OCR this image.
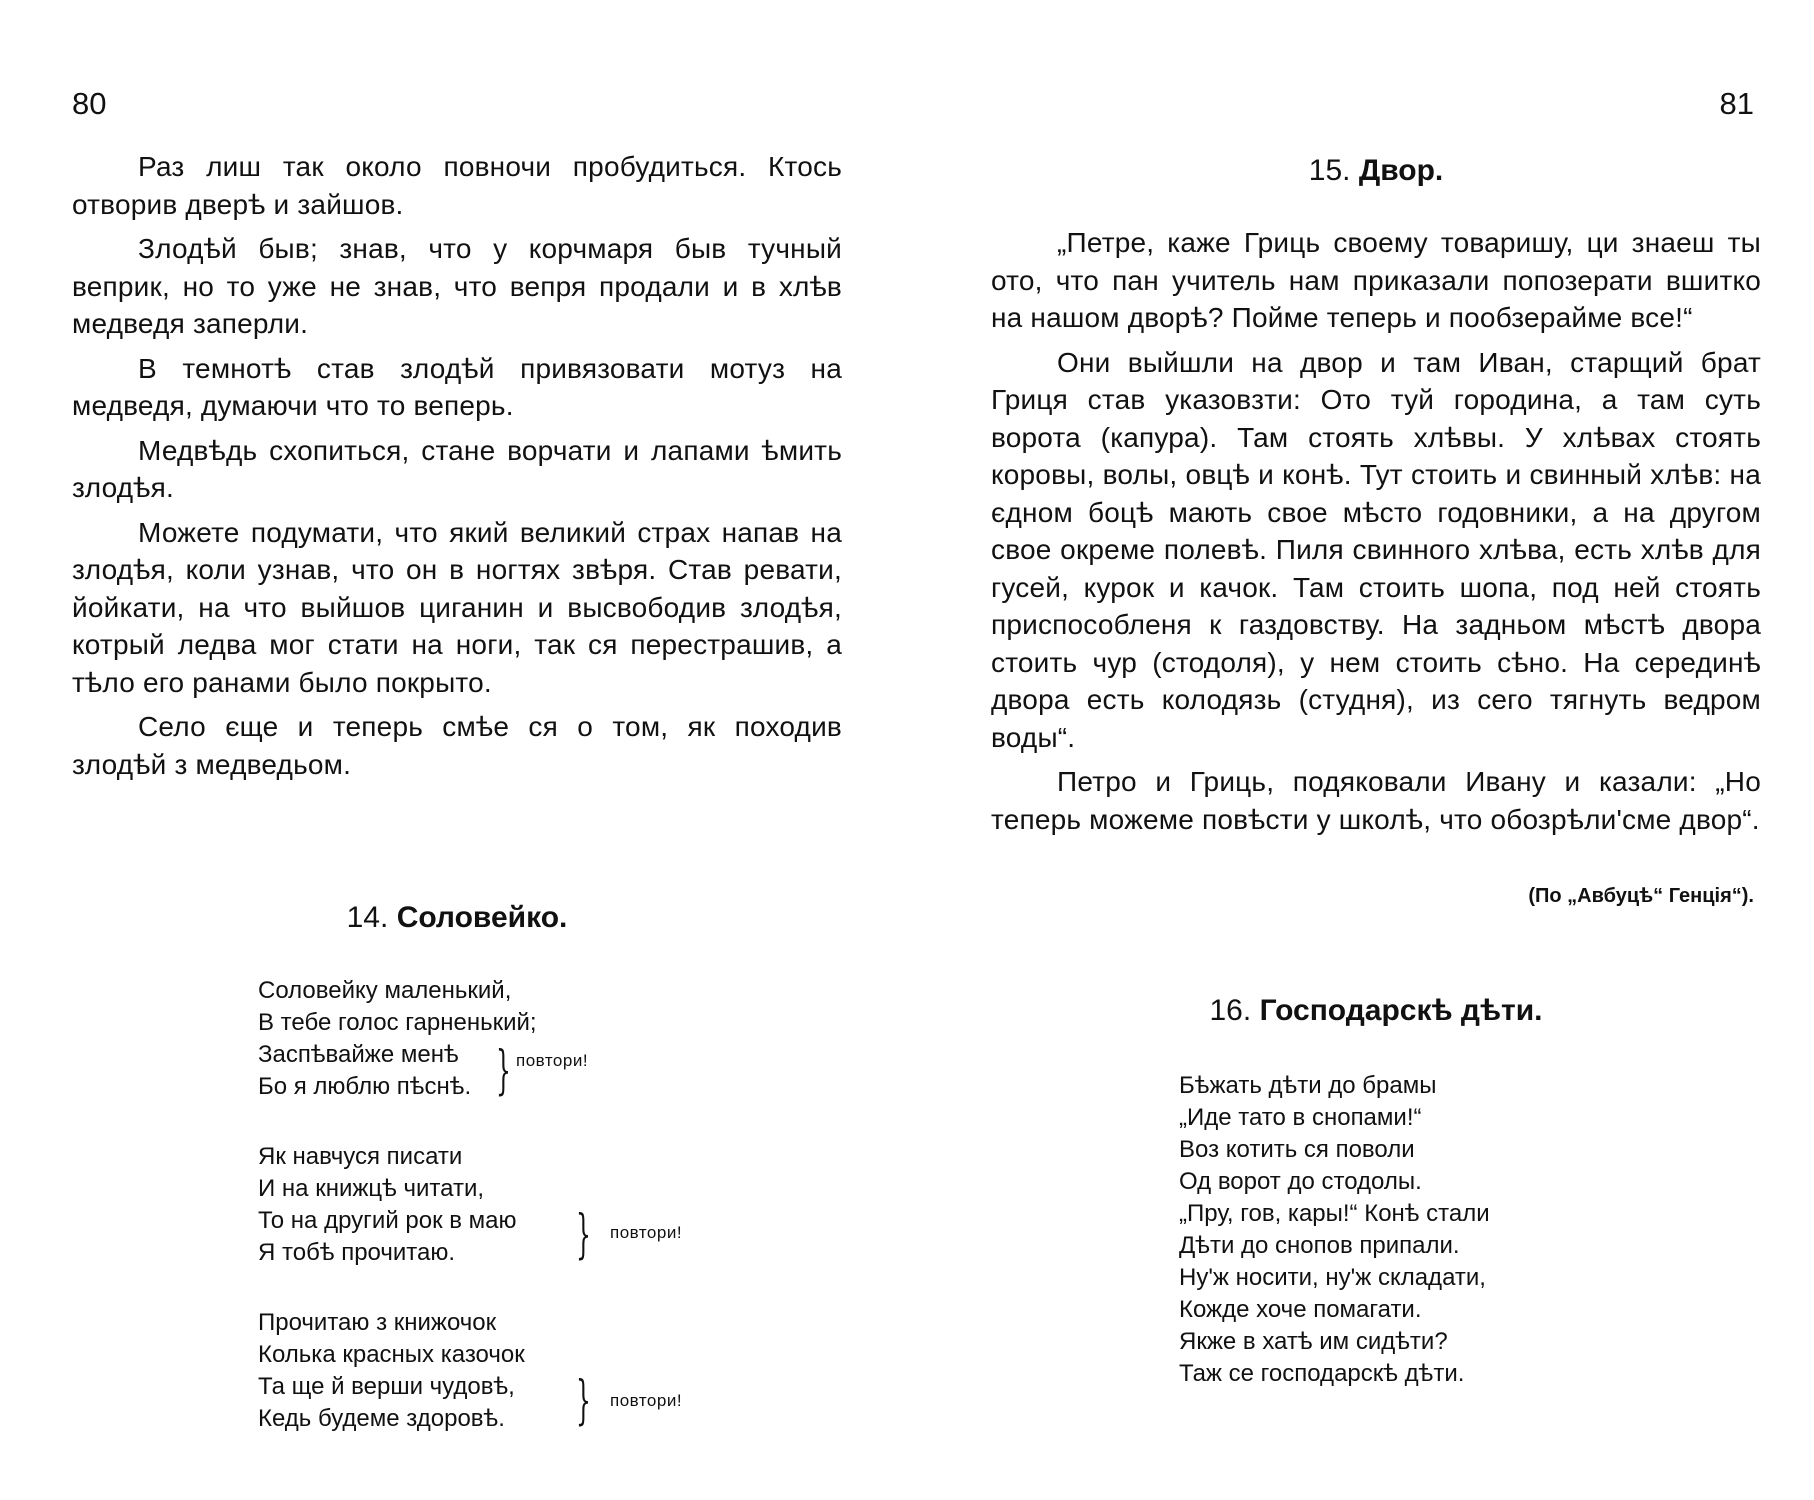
80

Раз лиш так около повночи пробудиться. Ктось отворив дверѣ и зайшов.

Злодѣй быв; знав, что у корчмаря быв тучный веприк, но то уже не знав, что вепря продали и в хлѣв медведя заперли.

В темнотѣ став злодѣй привязовати мотуз на медведя, думаючи что то веперь.

Медвѣдь схопиться, стане ворчати и лапами ѣмить злодѣя.

Можете подумати, что який великий страх напав на злодѣя, коли узнав, что он в ногтях звѣря. Став ревати, йойкати, на что выйшов циганин и высвободив злодѣя, котрый ледва мог стати на ноги, так ся перестрашив, а тѣло его ранами было покрыто.

Село єще и теперь смѣе ся о том, як походив злодѣй з медведьом.

14. Соловейко.
Соловейку маленький,
В тебе голос гарненький;
Заспѣвайже менѣ
Бо я люблю пѣснѣ. } повтори!
Як навчуся писати
И на книжцѣ читати,
То на другий рок в маю
Я тобѣ прочитаю.	} повтори!
Прочитаю з книжочок
Колька красных казочок
Та ще й верши чудовѣ,
Кедь будеме здоровѣ.	} повтори!
81
15. Двор.

„Петре, каже Гриць своему товаришу, ци знаеш ты ото, что пан учитель нам приказали попозерати вшитко на нашом дворѣ? Пойме теперь и пообзерайме все!“

Они выйшли на двор и там Иван, старщий брат Гриця став указовзти: Ото туй городина, а там суть ворота (капура). Там стоять хлѣвы. У хлѣвах стоять коровы, волы, овцѣ и конѣ. Тут стоить и свинный хлѣв: на єдном боцѣ мають свое мѣсто годовники, а на другом свое окреме полевѣ. Пиля свинного хлѣва, есть хлѣв для гусей, курок и качок. Там стоить шопа, под ней стоять приспособленя к газдовству. На задньом мѣстѣ двора стоить чур (стодоля), у нем стоить сѣно. На серединѣ двора есть колодязь (студня), из сего тягнуть ведром воды“.

Петро и Гриць, подяковали Ивану и казали: „Но теперь можеме повѣсти у школѣ, что обозрѣли'сме двор“.

(По „Авбуцѣ“ Генція“).
16. Господарскѣ дѣти.
Бѣжать дѣти до брамы
„Иде тато в снопами!“
Воз котить ся поволи
Од ворот до стодолы.
„Пру, гов, кары!“ Конѣ стали
Дѣти до снопов припали.
Ну'ж носити, ну'ж складати,
Кожде хоче помагати.
Якже в хатѣ им сидѣти?
Таж се господарскѣ дѣти.
